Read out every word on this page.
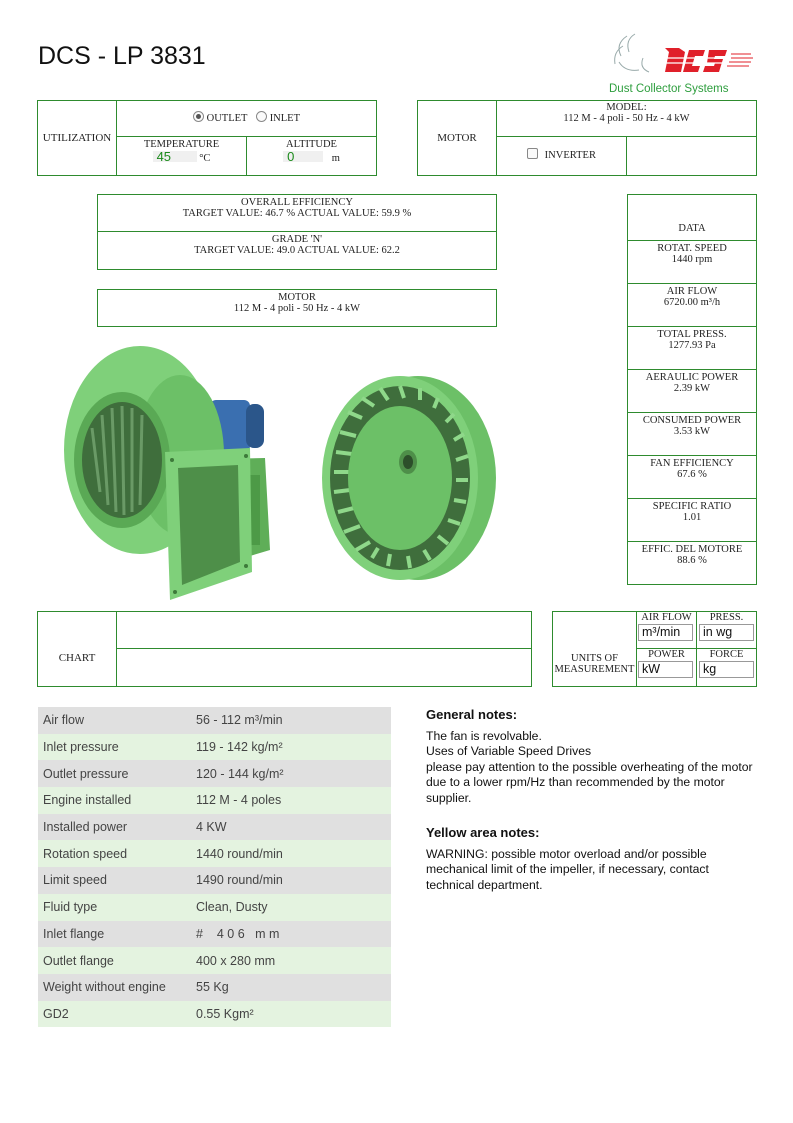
DCS - LP 3831
Dust Collector Systems
UTILIZATION
OUTLET INLET
TEMPERATURE
45	°C
ALTITUDE
0	m
MOTOR
MODEL:
112 M - 4 poli - 50 Hz - 4 kW
INVERTER
OVERALL EFFICIENCY
TARGET VALUE: 46.7 % ACTUAL VALUE: 59.9 %
GRADE 'N'
TARGET VALUE: 49.0 ACTUAL VALUE: 62.2
MOTOR
112 M - 4 poli - 50 Hz - 4 kW
DATA
ROTAT. SPEED
1440 rpm
AIR FLOW
6720.00 m³/h
TOTAL PRESS.
1277.93 Pa
AERAULIC POWER
2.39 kW
CONSUMED POWER
3.53 kW
FAN EFFICIENCY
67.6 %
SPECIFIC RATIO
1.01
EFFIC. DEL MOTORE
88.6 %
CHART	UNITS OF
MEASUREMENT
AIR FLOW
m³/min
PRESS.
in wg
POWER
kW
FORCE
kg
Air flow	56 - 112 m³/min
Inlet pressure	119 - 142 kg/m²
Outlet pressure	120 - 144 kg/m²
Engine installed	112 M - 4 poles
Installed power	4 KW
Rotation speed	1440 round/min
Limit speed	1490 round/min
Fluid type	Clean, Dusty
Inlet flange	#    4 0 6   m m
Outlet flange	400 x 280 mm
Weight without engine	55 Kg
GD2	0.55 Kgm²
General notes:
The fan is revolvable.
Uses of Variable Speed Drives
please pay attention to the possible overheating of the motor due to a lower rpm/Hz than recommended by the motor supplier.
Yellow area notes:
WARNING: possible motor overload and/or possible mechanical limit of the impeller, if necessary, contact technical department.
